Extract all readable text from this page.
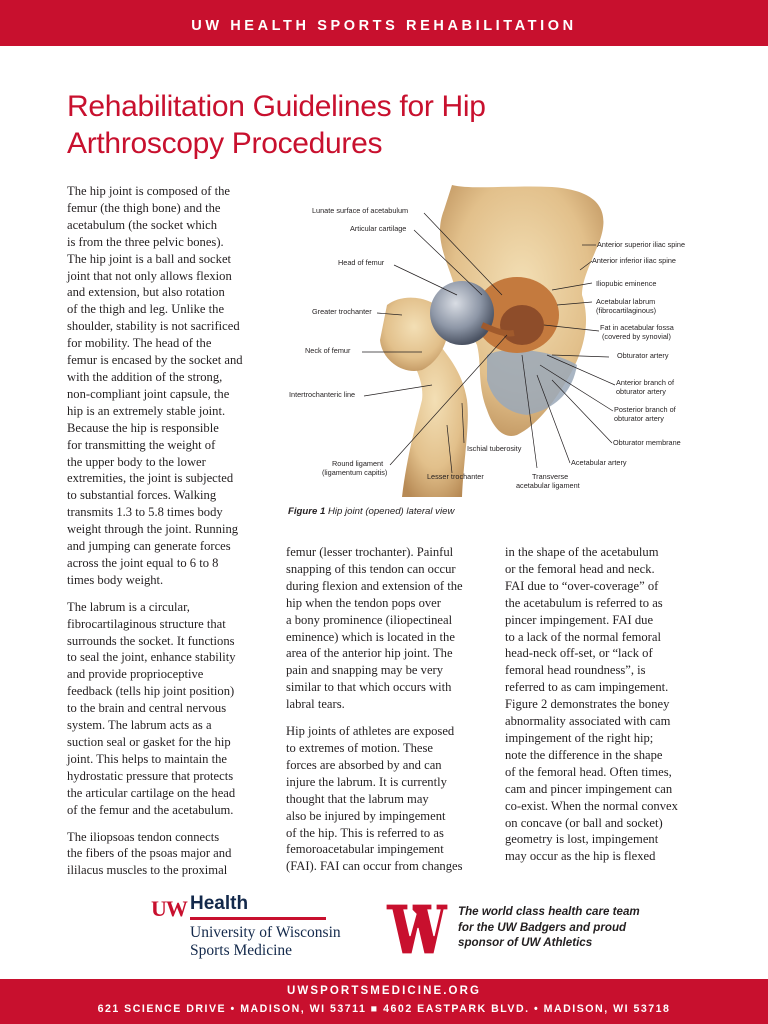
UW HEALTH SPORTS REHABILITATION
Rehabilitation Guidelines for Hip
Arthroscopy Procedures

The hip joint is composed of the
femur (the thigh bone) and the
acetabulum (the socket which
is from the three pelvic bones).
The hip joint is a ball and socket
joint that not only allows flexion
and extension, but also rotation
of the thigh and leg. Unlike the
shoulder, stability is not sacrificed
for mobility. The head of the
femur is encased by the socket and
with the addition of the strong,
non-compliant joint capsule, the
hip is an extremely stable joint.
Because the hip is responsible
for transmitting the weight of
the upper body to the lower
extremities, the joint is subjected
to substantial forces. Walking
transmits 1.3 to 5.8 times body
weight through the joint. Running
and jumping can generate forces
across the joint equal to 6 to 8
times body weight.

The labrum is a circular,
fibrocartilaginous structure that
surrounds the socket. It functions
to seal the joint, enhance stability
and provide proprioceptive
feedback (tells hip joint position)
to the brain and central nervous
system. The labrum acts as a
suction seal or gasket for the hip
joint. This helps to maintain the
hydrostatic pressure that protects
the articular cartilage on the head
of the femur and the acetabulum.

The iliopsoas tendon connects
the fibers of the psoas major and
ililacus muscles to the proximal

Lunate surface of acetabulum
Articular cartilage
Head of femur
Greater trochanter
Neck of femur
Intertrochanteric line
Round ligament
(ligamentum capitis)	Lesser trochanter
Ischial tuberosity
Transverse
acetabular ligament
Anterior superior iliac spine
Anterior inferior iliac spine
Iliopubic eminence
Acetabular labrum
(fibrocartilaginous)
Fat in acetabular fossa
(covered by synovial)
Obturator artery
Anterior branch of
obturator artery
Posterior branch of
obturator artery
Obturator membrane
Acetabular artery
Figure 1 Hip joint (opened) lateral view

femur (lesser trochanter). Painful
snapping of this tendon can occur
during flexion and extension of the
hip when the tendon pops over
a bony prominence (iliopectineal
eminence) which is located in the
area of the anterior hip joint. The
pain and snapping may be very
similar to that which occurs with
labral tears.

Hip joints of athletes are exposed
to extremes of motion. These
forces are absorbed by and can
injure the labrum. It is currently
thought that the labrum may
also be injured by impingement
of the hip. This is referred to as
femoroacetabular impingement
(FAI). FAI can occur from changes

in the shape of the acetabulum
or the femoral head and neck.
FAI due to “over-coverage” of
the acetabulum is referred to as
pincer impingement. FAI due
to a lack of the normal femoral
head-neck off-set, or “lack of
femoral head roundness”, is
referred to as cam impingement.
Figure 2 demonstrates the boney
abnormality associated with cam
impingement of the right hip;
note the difference in the shape
of the femoral head. Often times,
cam and pincer impingement can
co-exist. When the normal convex
on concave (or ball and socket)
geometry is lost, impingement
may occur as the hip is flexed

UW Health
University of Wisconsin
Sports Medicine
The world class health care team
for the UW Badgers and proud
sponsor of UW Athletics
UWSPORTSMEDICINE.ORG
621 SCIENCE DRIVE • MADISON, WI 53711 ■ 4602 EASTPARK BLVD. • MADISON, WI 53718
